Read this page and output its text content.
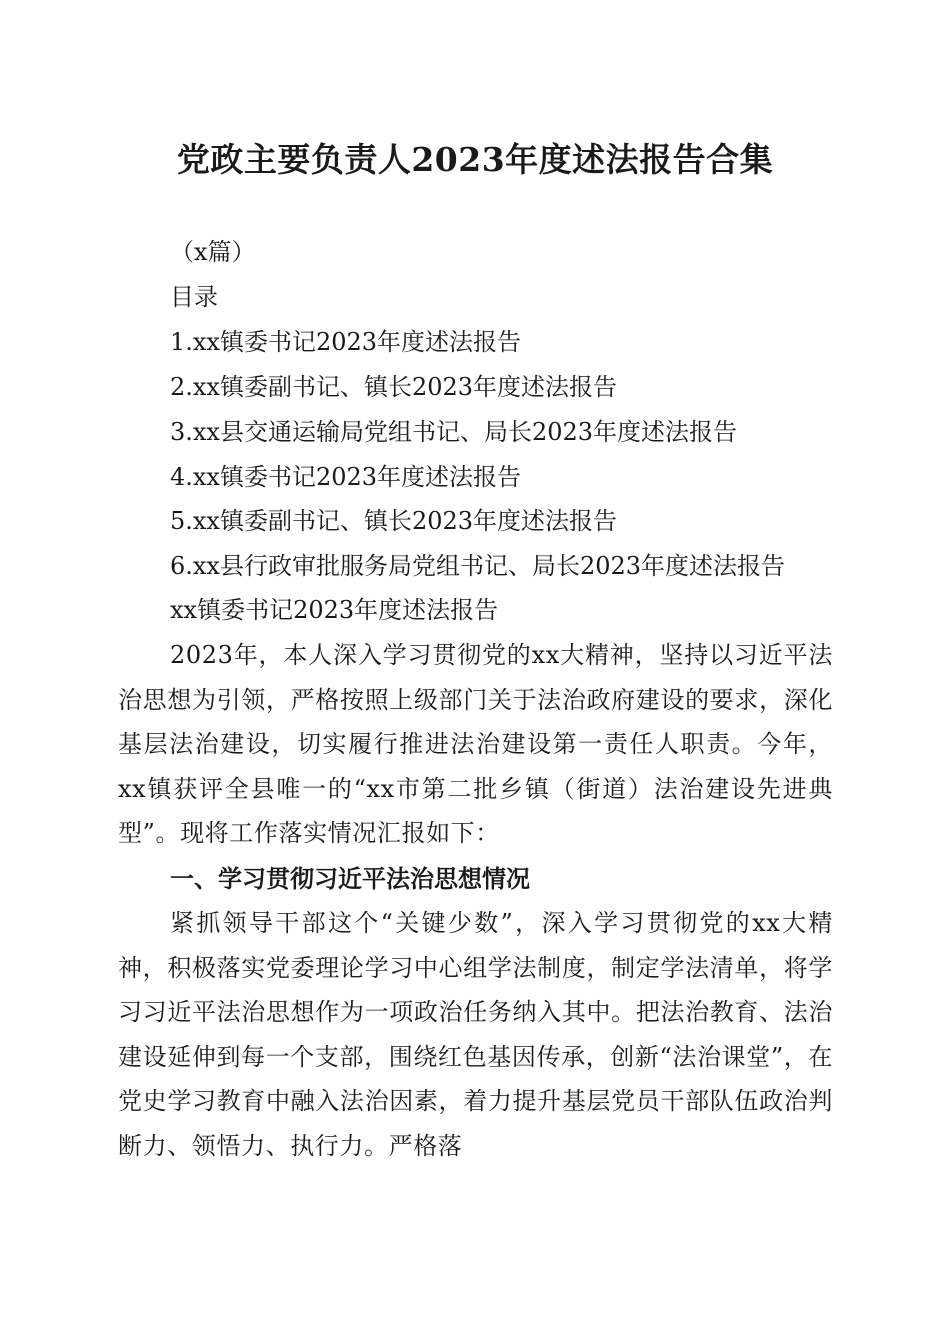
党政主要负责人2023年度述法报告合集
（x篇）
目录
1.xx镇委书记2023年度述法报告
2.xx镇委副书记、镇长2023年度述法报告
3.xx县交通运输局党组书记、局长2023年度述法报告
4.xx镇委书记2023年度述法报告
5.xx镇委副书记、镇长2023年度述法报告
6.xx县行政审批服务局党组书记、局长2023年度述法报告
xx镇委书记2023年度述法报告

2023年，本人深入学习贯彻党的xx大精神，坚持以习近平法治思想为引领，严格按照上级部门关于法治政府建设的要求，深化基层法治建设，切实履行推进法治建设第一责任人职责。今年，xx镇获评全县唯一的“xx市第二批乡镇（街道）法治建设先进典型”。现将工作落实情况汇报如下：

一、学习贯彻习近平法治思想情况

紧抓领导干部这个“关键少数”，深入学习贯彻党的xx大精神，积极落实党委理论学习中心组学法制度，制定学法清单，将学习习近平法治思想作为一项政治任务纳入其中。把法治教育、法治建设延伸到每一个支部，围绕红色基因传承，创新“法治课堂”，在党史学习教育中融入法治因素，着力提升基层党员干部队伍政治判断力、领悟力、执行力。严格落
